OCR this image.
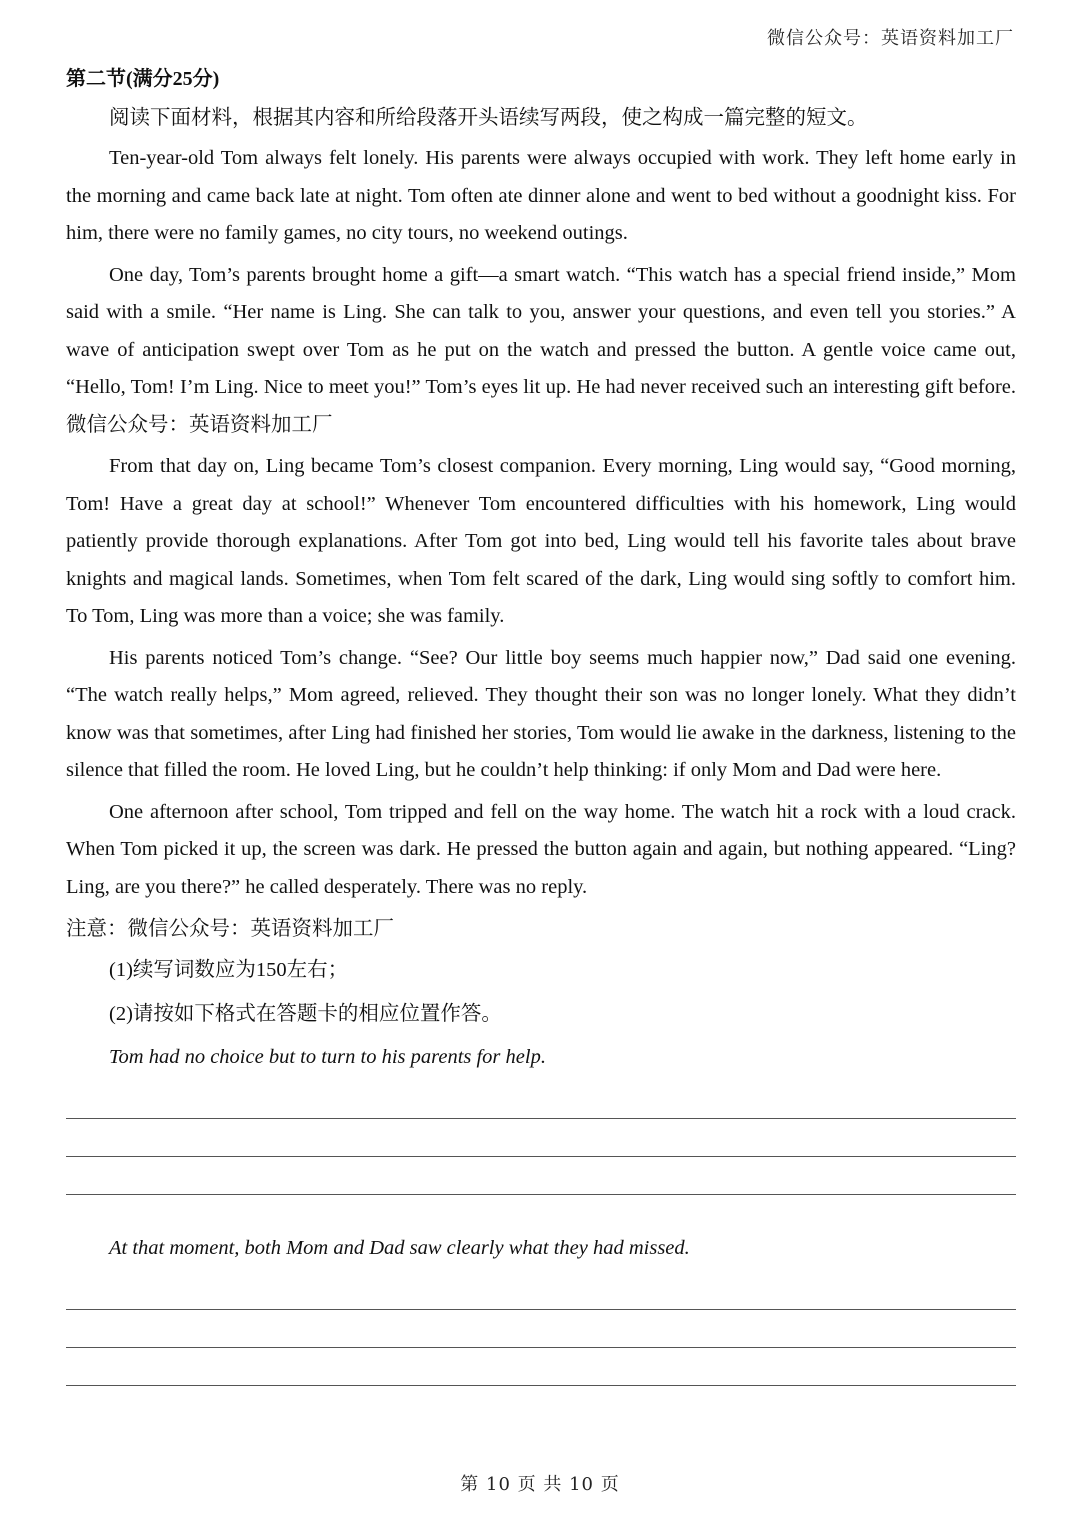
微信公众号：英语资料加工厂
第二节(满分25分)
阅读下面材料，根据其内容和所给段落开头语续写两段，使之构成一篇完整的短文。
Ten-year-old Tom always felt lonely. His parents were always occupied with work. They left home early in the morning and came back late at night. Tom often ate dinner alone and went to bed without a goodnight kiss. For him, there were no family games, no city tours, no weekend outings.
One day, Tom’s parents brought home a gift—a smart watch. “This watch has a special friend inside,” Mom said with a smile. “Her name is Ling. She can talk to you, answer your questions, and even tell you stories.” A wave of anticipation swept over Tom as he put on the watch and pressed the button. A gentle voice came out, “Hello, Tom! I’m Ling. Nice to meet you!” Tom’s eyes lit up. He had never received such an interesting gift before. 微信公众号：英语资料加工厂
From that day on, Ling became Tom’s closest companion. Every morning, Ling would say, “Good morning, Tom! Have a great day at school!” Whenever Tom encountered difficulties with his homework, Ling would patiently provide thorough explanations. After Tom got into bed, Ling would tell his favorite tales about brave knights and magical lands. Sometimes, when Tom felt scared of the dark, Ling would sing softly to comfort him. To Tom, Ling was more than a voice; she was family.
His parents noticed Tom’s change. “See? Our little boy seems much happier now,” Dad said one evening. “The watch really helps,” Mom agreed, relieved. They thought their son was no longer lonely. What they didn’t know was that sometimes, after Ling had finished her stories, Tom would lie awake in the darkness, listening to the silence that filled the room. He loved Ling, but he couldn’t help thinking: if only Mom and Dad were here.
One afternoon after school, Tom tripped and fell on the way home. The watch hit a rock with a loud crack. When Tom picked it up, the screen was dark. He pressed the button again and again, but nothing appeared. “Ling? Ling, are you there?” he called desperately. There was no reply.
注意：微信公众号：英语资料加工厂
(1)续写词数应为150左右；
(2)请按如下格式在答题卡的相应位置作答。
Tom had no choice but to turn to his parents for help.
At that moment, both Mom and Dad saw clearly what they had missed.
第 10 页 共 10 页
